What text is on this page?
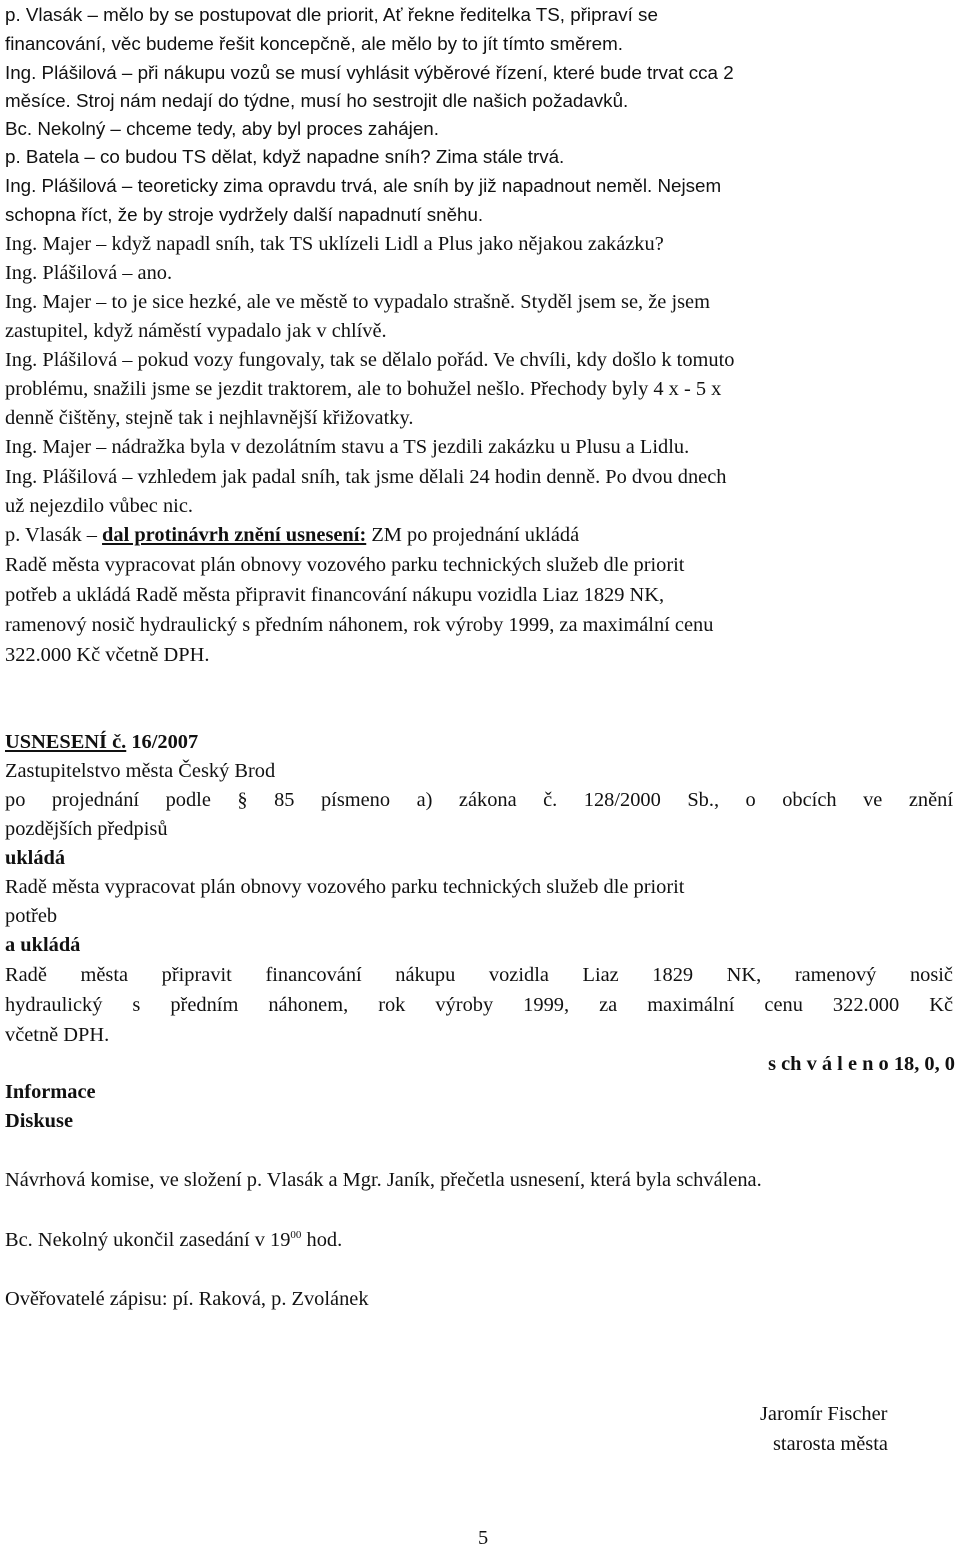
p. Vlasák – mělo by se postupovat dle priorit, Ať řekne ředitelka TS, připraví se
financování, věc budeme řešit koncepčně, ale mělo by to jít tímto směrem.
Ing. Plášilová – při nákupu vozů se musí vyhlásit výběrové řízení, které bude trvat cca 2
měsíce. Stroj nám nedají do týdne, musí ho sestrojit dle našich požadavků.
Bc. Nekolný – chceme tedy, aby byl proces zahájen.
p. Batela – co budou TS dělat, když napadne sníh? Zima stále trvá.
Ing. Plášilová – teoreticky zima opravdu trvá, ale sníh by již napadnout neměl. Nejsem
schopna říct, že by stroje vydržely další napadnutí sněhu.
Ing. Majer – když napadl sníh, tak TS uklízeli Lidl a Plus jako nějakou zakázku?
Ing. Plášilová – ano.
Ing. Majer – to je sice hezké, ale ve městě to vypadalo strašně. Styděl jsem se, že jsem
zastupitel, když náměstí vypadalo jak v chlívě.
Ing. Plášilová – pokud vozy fungovaly, tak se dělalo pořád. Ve chvíli, kdy došlo k tomuto
problému, snažili jsme se jezdit traktorem, ale to bohužel nešlo. Přechody byly 4 x - 5 x
denně čištěny, stejně tak i nejhlavnější křižovatky.
Ing. Majer – nádražka byla v dezolátním stavu a TS jezdili zakázku u Plusu a Lidlu.
Ing. Plášilová – vzhledem jak padal sníh, tak jsme dělali 24 hodin denně. Po dvou dnech
už nejezdilo vůbec nic.
p. Vlasák – dal protinávrh znění usnesení: ZM po projednání ukládá
Radě města vypracovat plán obnovy vozového parku technických služeb dle priorit
potřeb a ukládá Radě města připravit financování nákupu vozidla Liaz 1829 NK,
ramenový nosič hydraulický s předním náhonem, rok výroby 1999, za maximální cenu
322.000 Kč včetně DPH.
USNESENÍ č. 16/2007
Zastupitelstvo města Český Brod
po projednání podle § 85 písmeno a) zákona č. 128/2000 Sb., o obcích ve znění
pozdějších předpisů
ukládá
Radě města vypracovat plán obnovy vozového parku technických služeb dle priorit
potřeb
a ukládá
Radě města připravit financování nákupu vozidla Liaz 1829 NK, ramenový nosič
hydraulický s předním náhonem, rok výroby 1999, za maximální cenu 322.000 Kč
včetně DPH.
s ch v á l e n o 18, 0, 0
Informace
Diskuse
Návrhová komise, ve složení p. Vlasák a Mgr. Janík, přečetla usnesení, která byla schválena.
Bc. Nekolný ukončil zasedání v $19^{00}$ hod.
Ověřovatelé zápisu: pí. Raková, p. Zvolánek
Jaromír Fischer
starosta města
5
